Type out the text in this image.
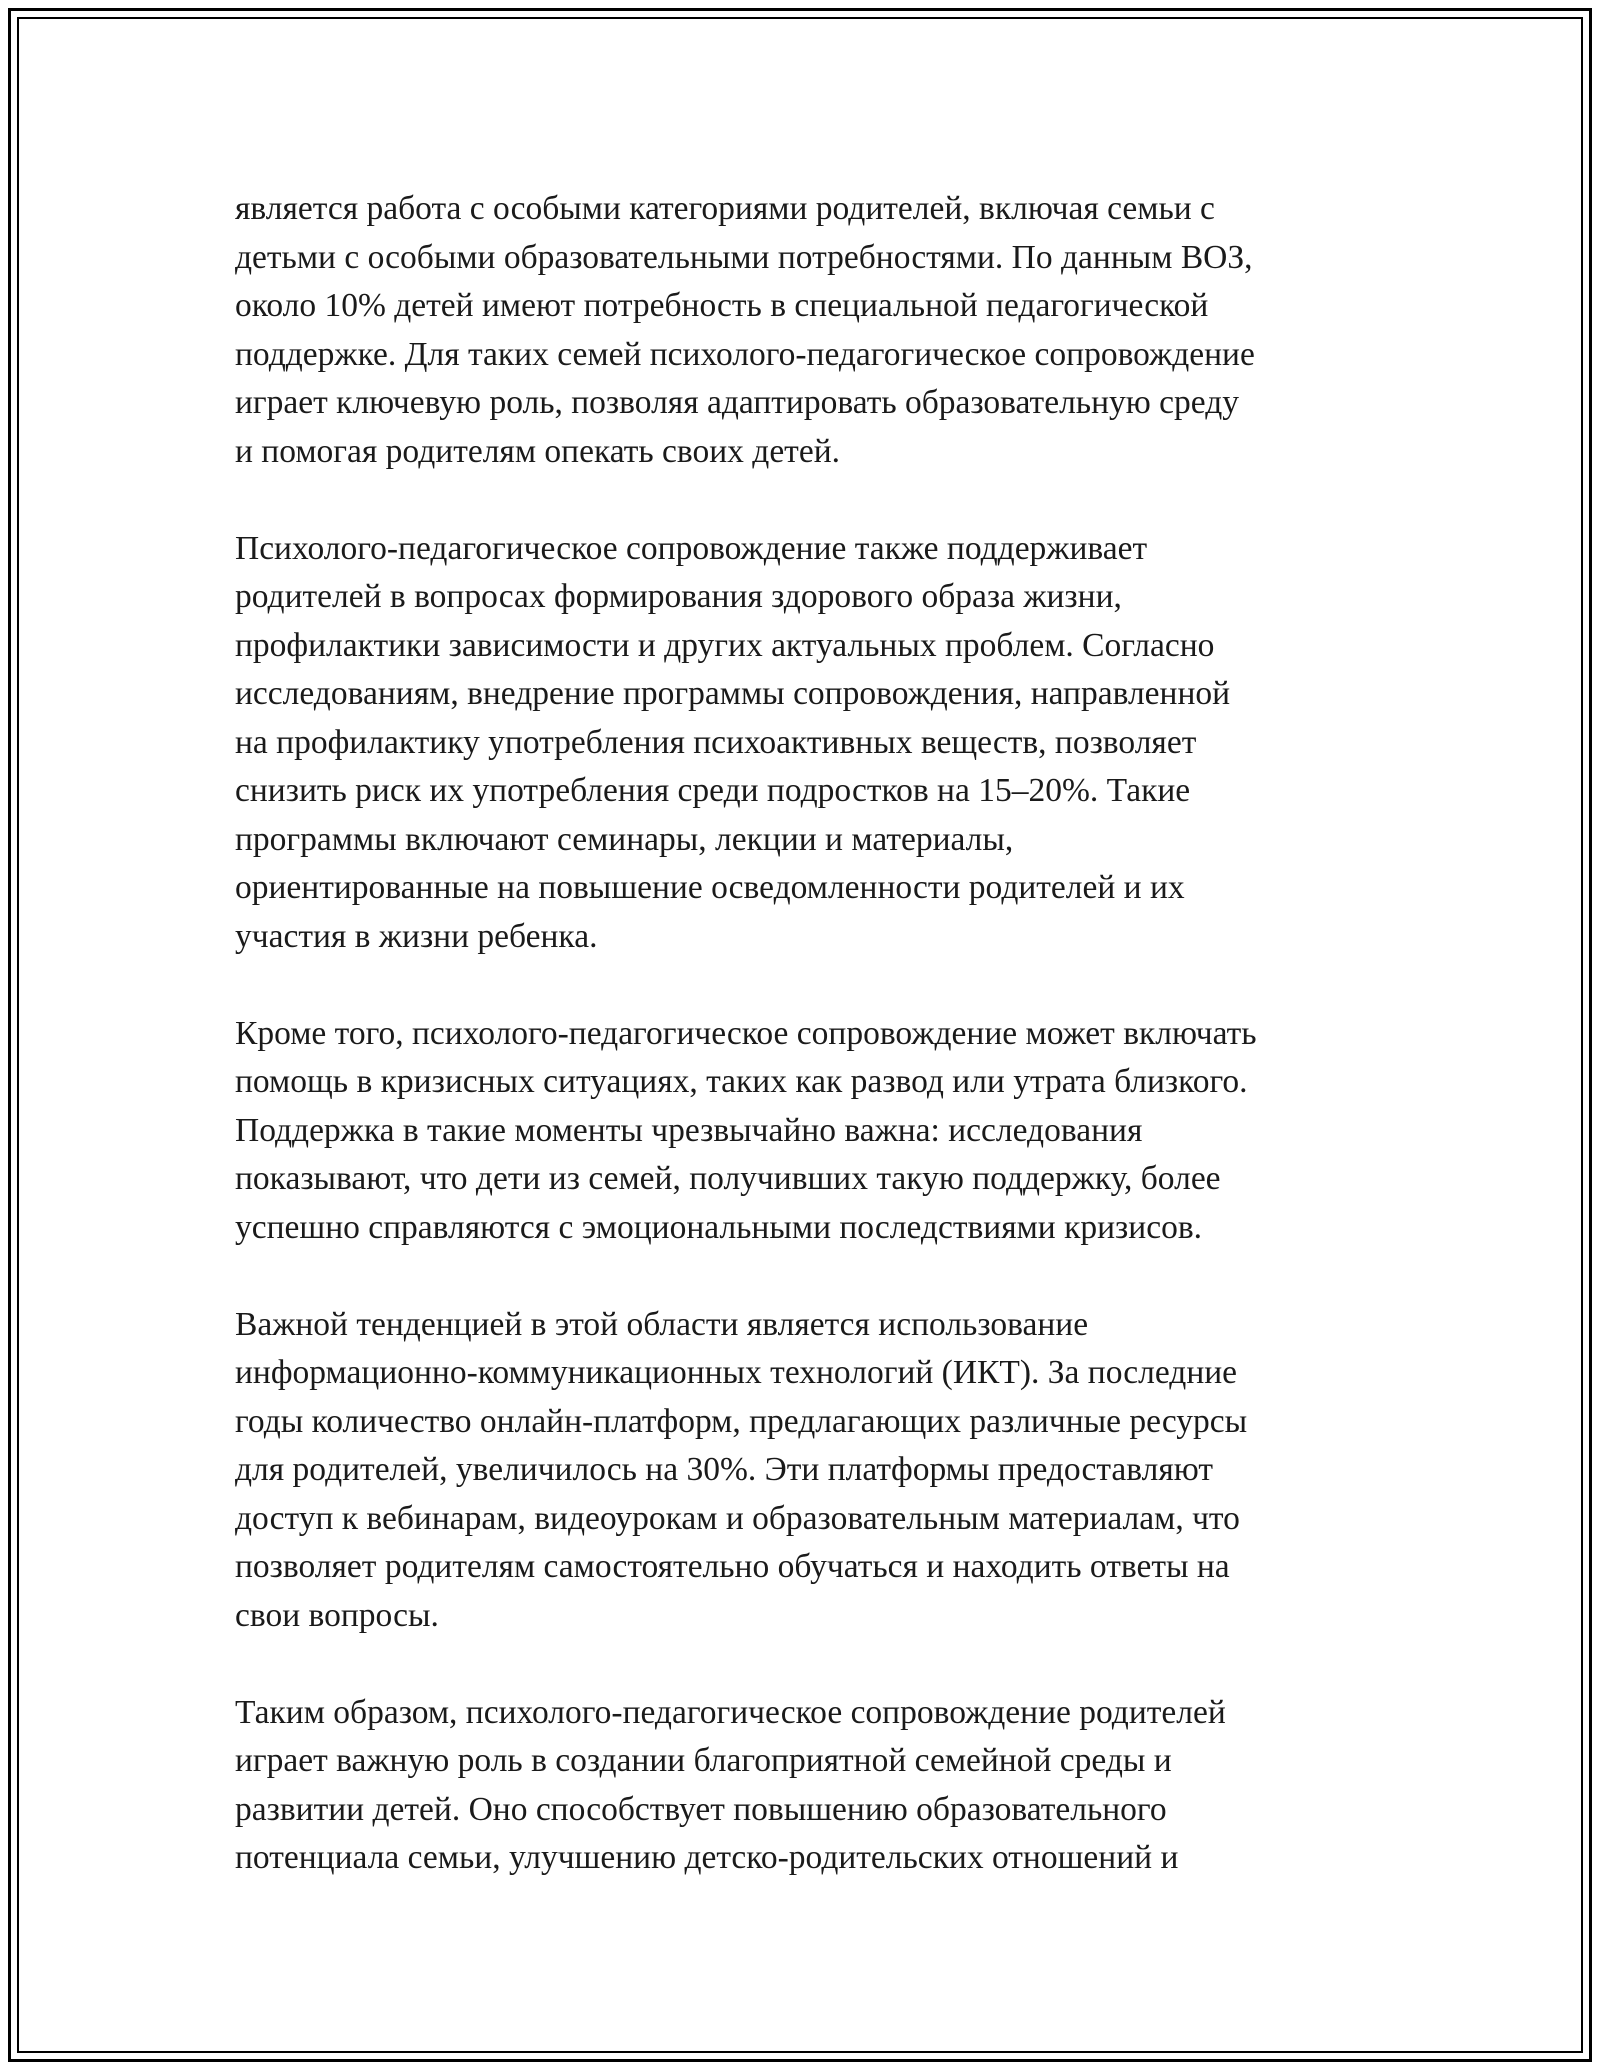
является работа с особыми категориями родителей, включая семьи с
детьми с особыми образовательными потребностями. По данным ВОЗ,
около 10% детей имеют потребность в специальной педагогической
поддержке. Для таких семей психолого-педагогическое сопровождение
играет ключевую роль, позволяя адаптировать образовательную среду
и помогая родителям опекать своих детей.

Психолого-педагогическое сопровождение также поддерживает
родителей в вопросах формирования здорового образа жизни,
профилактики зависимости и других актуальных проблем. Согласно
исследованиям, внедрение программы сопровождения, направленной
на профилактику употребления психоактивных веществ, позволяет
снизить риск их употребления среди подростков на 15–20%. Такие
программы включают семинары, лекции и материалы,
ориентированные на повышение осведомленности родителей и их
участия в жизни ребенка.

Кроме того, психолого-педагогическое сопровождение может включать
помощь в кризисных ситуациях, таких как развод или утрата близкого.
Поддержка в такие моменты чрезвычайно важна: исследования
показывают, что дети из семей, получивших такую поддержку, более
успешно справляются с эмоциональными последствиями кризисов.

Важной тенденцией в этой области является использование
информационно-коммуникационных технологий (ИКТ). За последние
годы количество онлайн-платформ, предлагающих различные ресурсы
для родителей, увеличилось на 30%. Эти платформы предоставляют
доступ к вебинарам, видеоурокам и образовательным материалам, что
позволяет родителям самостоятельно обучаться и находить ответы на
свои вопросы.

Таким образом, психолого-педагогическое сопровождение родителей
играет важную роль в создании благоприятной семейной среды и
развитии детей. Оно способствует повышению образовательного
потенциала семьи, улучшению детско-родительских отношений и
